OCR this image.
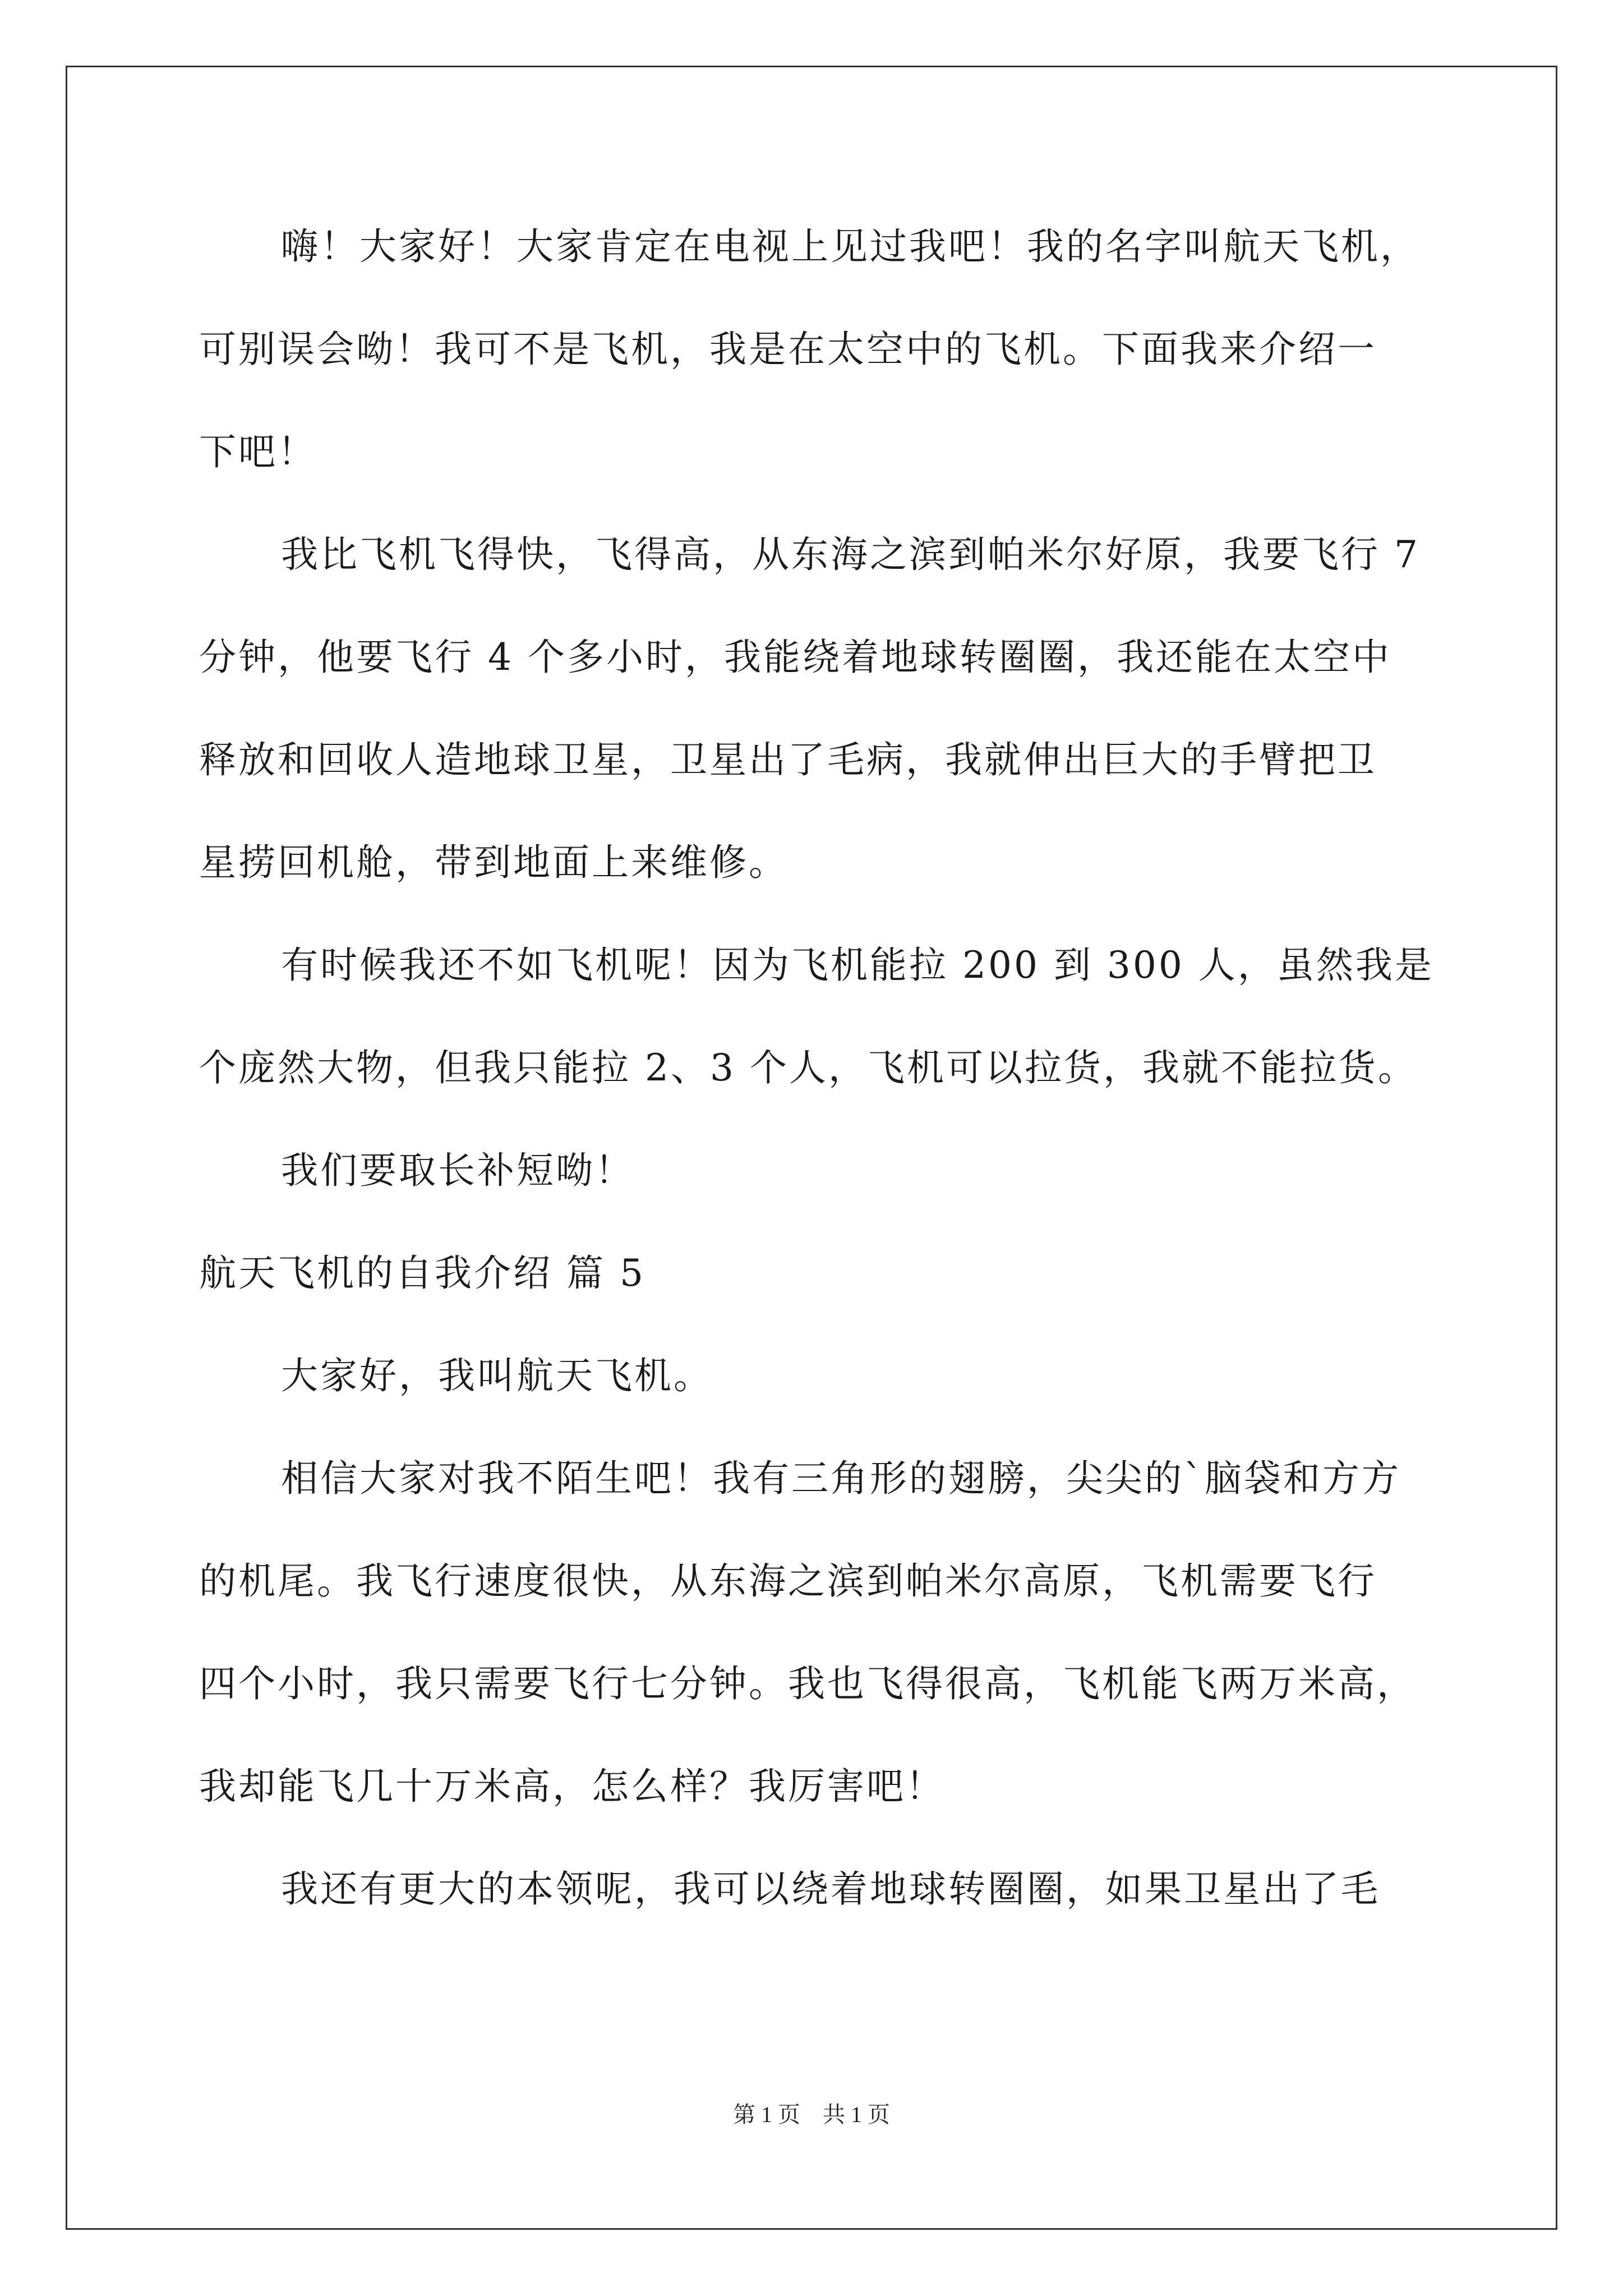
嗨！大家好！大家肯定在电视上见过我吧！我的名字叫航天飞机，
可别误会呦！我可不是飞机，我是在太空中的飞机。下面我来介绍一
下吧！
我比飞机飞得快，飞得高，从东海之滨到帕米尔好原，我要飞行 7
分钟，他要飞行 4 个多小时，我能绕着地球转圈圈，我还能在太空中
释放和回收人造地球卫星，卫星出了毛病，我就伸出巨大的手臂把卫
星捞回机舱，带到地面上来维修。
有时候我还不如飞机呢！因为飞机能拉 200 到 300 人，虽然我是
个庞然大物，但我只能拉 2、3 个人，飞机可以拉货，我就不能拉货。
我们要取长补短呦！
航天飞机的自我介绍 篇 5
大家好，我叫航天飞机。
相信大家对我不陌生吧！我有三角形的翅膀，尖尖的`脑袋和方方
的机尾。我飞行速度很快，从东海之滨到帕米尔高原，飞机需要飞行
四个小时，我只需要飞行七分钟。我也飞得很高，飞机能飞两万米高，
我却能飞几十万米高，怎么样？我厉害吧！
我还有更大的本领呢，我可以绕着地球转圈圈，如果卫星出了毛
第 1 页　共 1 页
